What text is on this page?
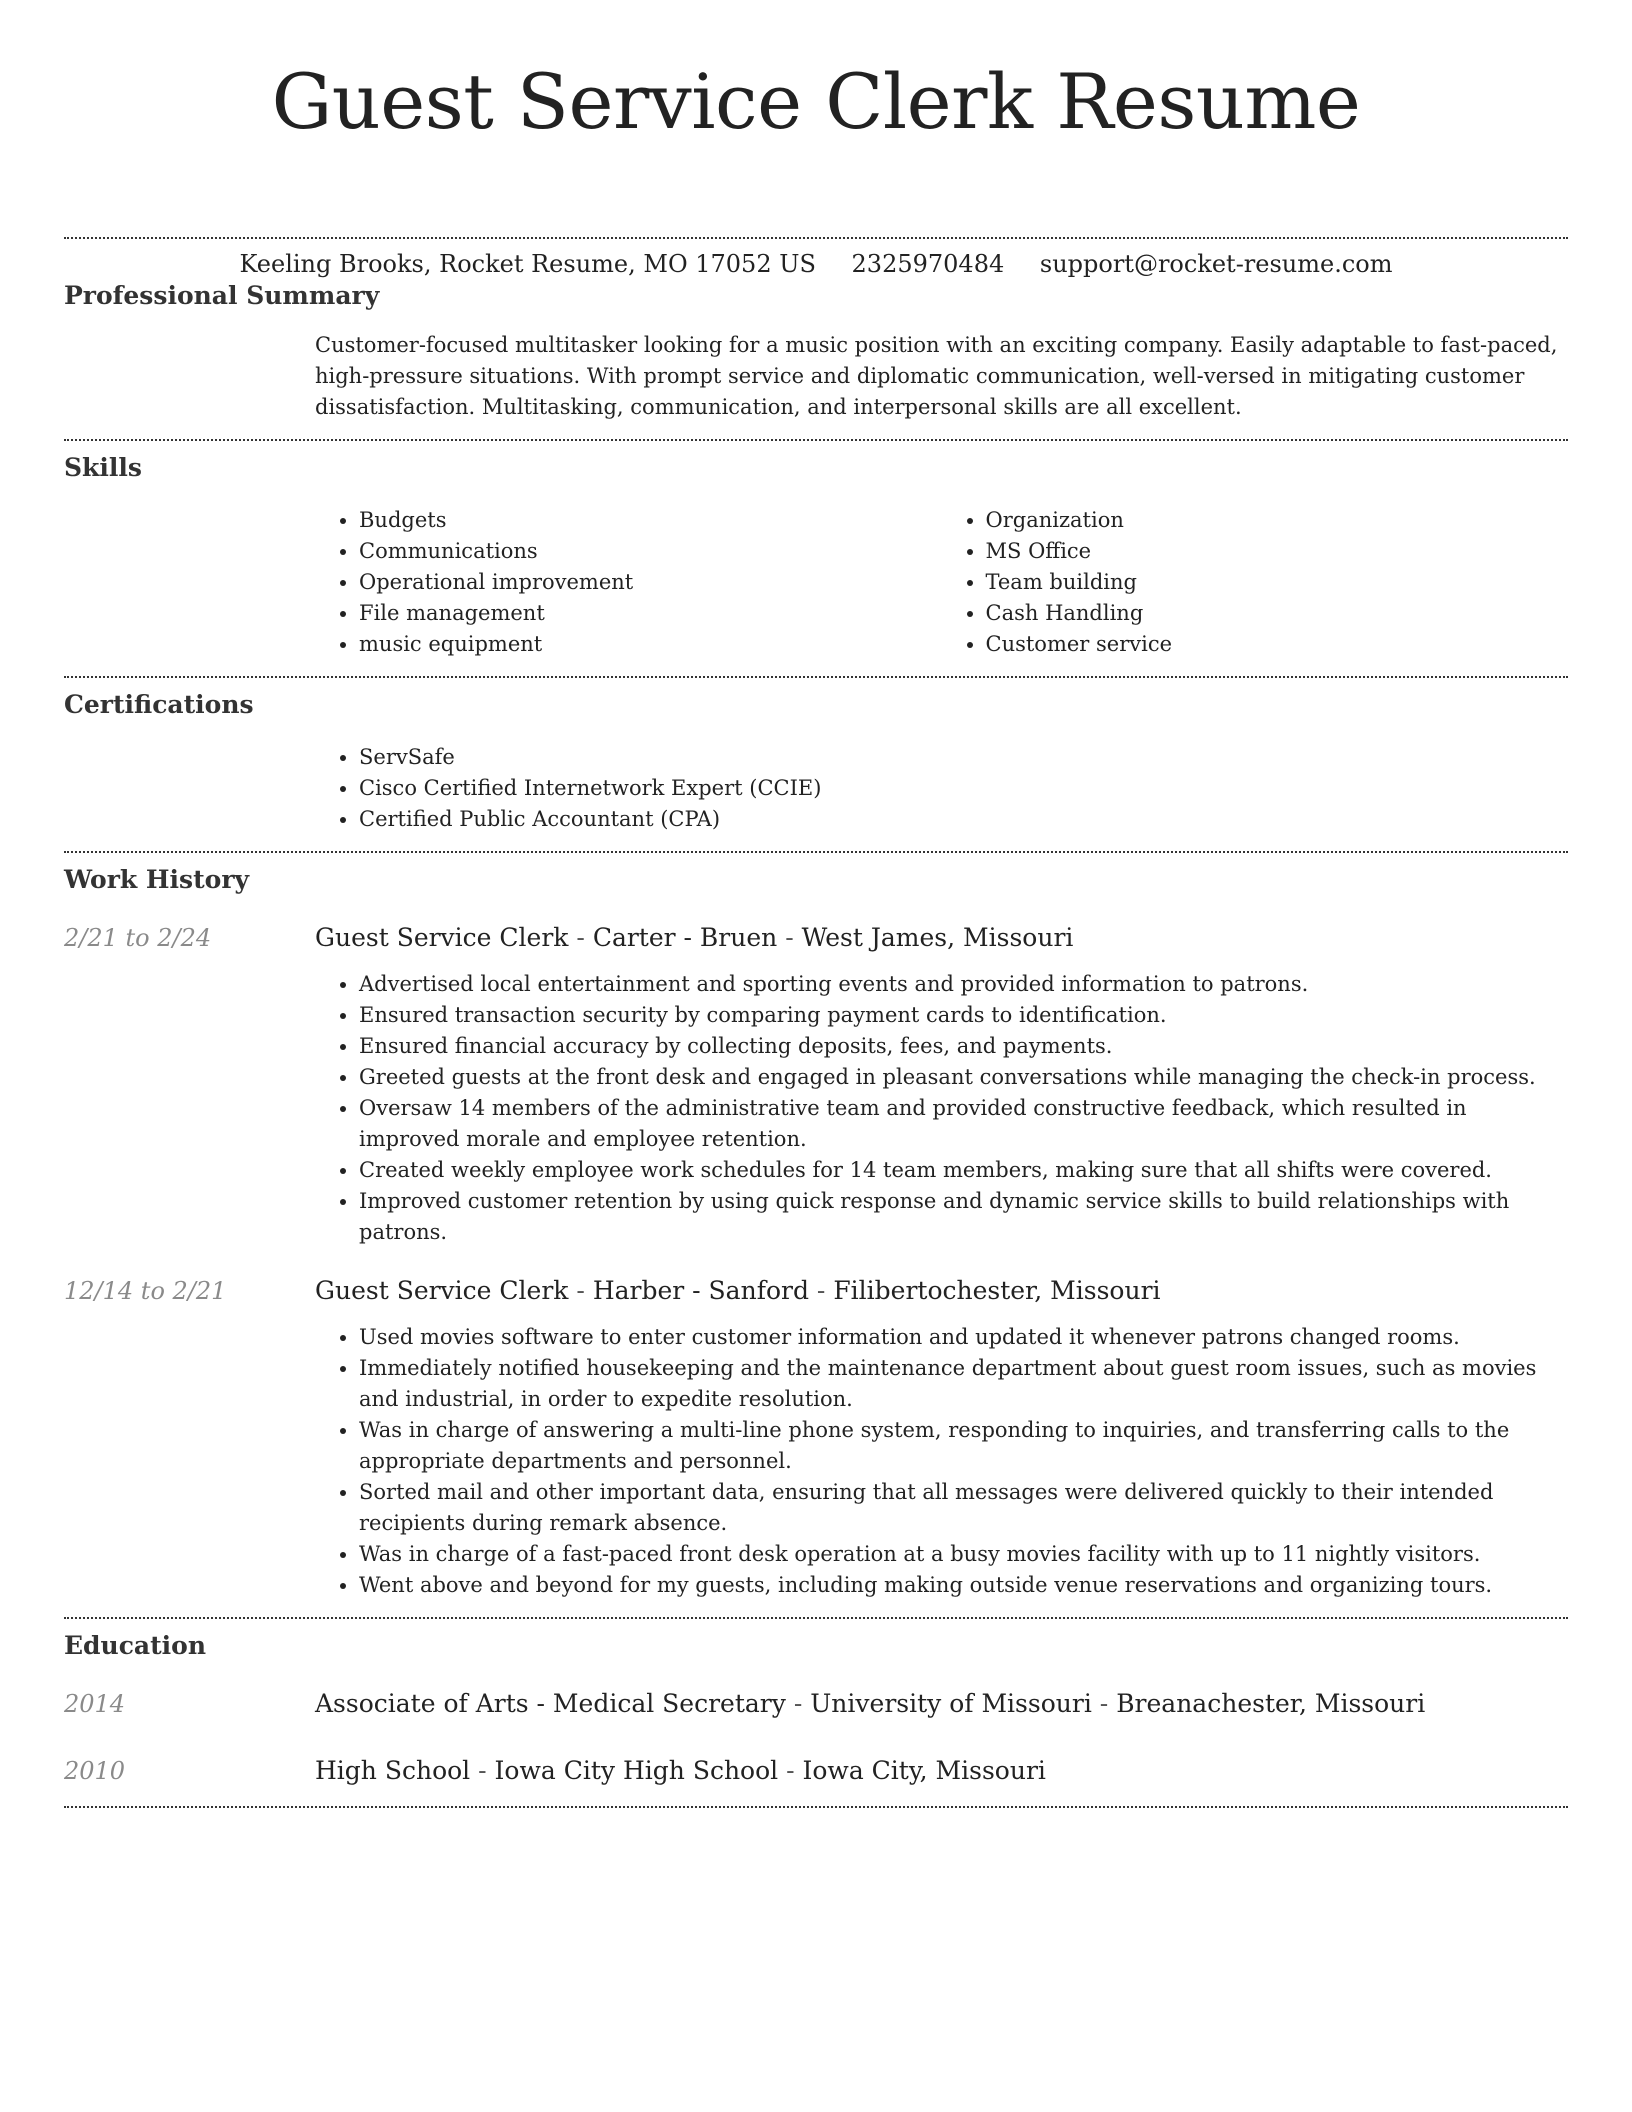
Guest Service Clerk Resume
Keeling Brooks, Rocket Resume, MO 17052 US 2325970484 support@rocket-resume.com
Professional Summary
Customer-focused multitasker looking for a music position with an exciting company. Easily adaptable to fast-paced, high-pressure situations. With prompt service and diplomatic communication, well-versed in mitigating customer dissatisfaction. Multitasking, communication, and interpersonal skills are all excellent.
Skills
• Budgets
• Communications
• Operational improvement
• File management
• music equipment
• Organization
• MS Office
• Team building
• Cash Handling
• Customer service
Certifications
• ServSafe
• Cisco Certified Internetwork Expert (CCIE)
• Certified Public Accountant (CPA)
Work History
2/21 to 2/24	Guest Service Clerk - Carter - Bruen - West James, Missouri
• Advertised local entertainment and sporting events and provided information to patrons.
• Ensured transaction security by comparing payment cards to identification.
• Ensured financial accuracy by collecting deposits, fees, and payments.
• Greeted guests at the front desk and engaged in pleasant conversations while managing the check-in process.
• Oversaw 14 members of the administrative team and provided constructive feedback, which resulted in improved morale and employee retention.
• Created weekly employee work schedules for 14 team members, making sure that all shifts were covered.
• Improved customer retention by using quick response and dynamic service skills to build relationships with patrons.
12/14 to 2/21	Guest Service Clerk - Harber - Sanford - Filibertochester, Missouri
• Used movies software to enter customer information and updated it whenever patrons changed rooms.
• Immediately notified housekeeping and the maintenance department about guest room issues, such as movies and industrial, in order to expedite resolution.
• Was in charge of answering a multi-line phone system, responding to inquiries, and transferring calls to the appropriate departments and personnel.
• Sorted mail and other important data, ensuring that all messages were delivered quickly to their intended recipients during remark absence.
• Was in charge of a fast-paced front desk operation at a busy movies facility with up to 11 nightly visitors.
• Went above and beyond for my guests, including making outside venue reservations and organizing tours.
Education
2014	Associate of Arts - Medical Secretary - University of Missouri - Breanachester, Missouri
2010	High School - Iowa City High School - Iowa City, Missouri
